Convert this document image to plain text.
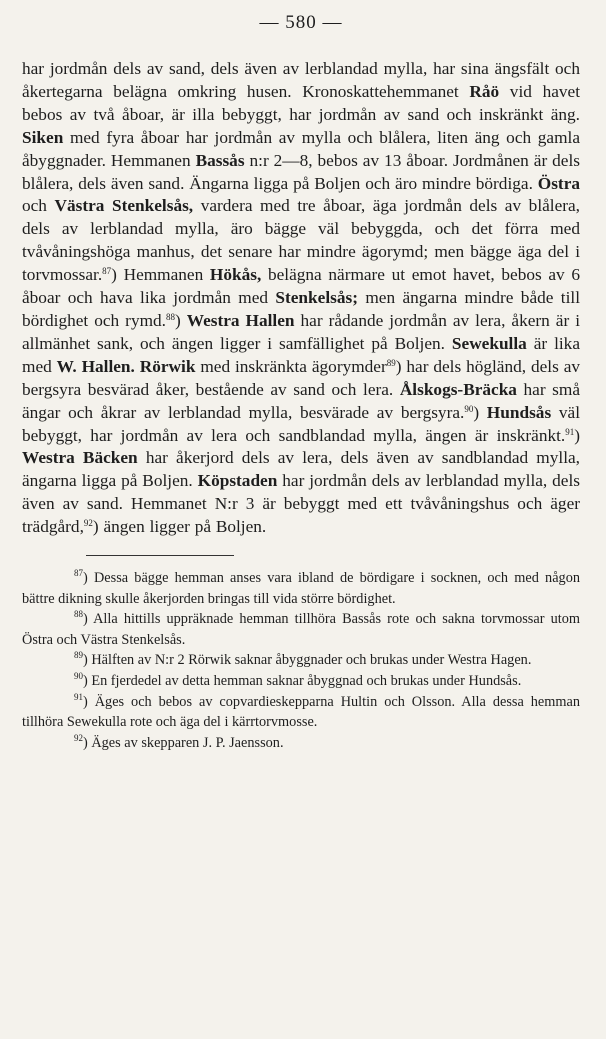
— 580 —
har jordmån dels av sand, dels även av lerblandad mylla, har sina ängsfält och åkertegarna belägna omkring husen. Kronoskattehemmanet Råö vid havet bebos av två åboar, är illa bebyggt, har jordmån av sand och inskränkt äng. Siken med fyra åboar har jordmån av mylla och blålera, liten äng och gamla åbyggnader. Hemmanen Bassås n:r 2—8, bebos av 13 åboar. Jordmånen är dels blålera, dels även sand. Ängarna ligga på Boljen och äro mindre bördiga. Östra och Västra Stenkelsås, vardera med tre åboar, äga jordmån dels av blålera, dels av lerblandad mylla, äro bägge väl bebyggda, och det förra med tvåvåningshöga manhus, det senare har mindre ägorymd; men bägge äga del i torvmossar.$^{87}$) Hemmanen Hökås, belägna närmare ut emot havet, bebos av 6 åboar och hava lika jordmån med Stenkelsås; men ängarna mindre både till bördighet och rymd.$^{88}$) Westra Hallen har rådande jordmån av lera, åkern är i allmänhet sank, och ängen ligger i samfällighet på Boljen. Sewekulla är lika med W. Hallen. Rörwik med inskränkta ägorymder$^{89}$) har dels högländ, dels av bergsyra besvärad åker, bestående av sand och lera. Ålskogs-Bräcka har små ängar och åkrar av lerblandad mylla, besvärade av bergsyra.$^{90}$) Hundsås väl bebyggt, har jordmån av lera och sandblandad mylla, ängen är inskränkt.$^{91}$) Westra Bäcken har åkerjord dels av lera, dels även av sandblandad mylla, ängarna ligga på Boljen. Köpstaden har jordmån dels av lerblandad mylla, dels även av sand. Hemmanet N:r 3 är bebyggt med ett tvåvåningshus och äger trädgård,$^{92}$) ängen ligger på Boljen.

$^{87}$) Dessa bägge hemman anses vara ibland de bördigare i socknen, och med någon bättre dikning skulle åkerjorden bringas till vida större bördighet.

$^{88}$) Alla hittills uppräknade hemman tillhöra Bassås rote och sakna torvmossar utom Östra och Västra Stenkelsås.

$^{89}$) Hälften av N:r 2 Rörwik saknar åbyggnader och brukas under Westra Hagen.

$^{90}$) En fjerdedel av detta hemman saknar åbyggnad och brukas under Hundsås.

$^{91}$) Äges och bebos av copvardieskepparna Hultin och Olsson. Alla dessa hemman tillhöra Sewekulla rote och äga del i kärrtorvmosse.

$^{92}$) Äges av skepparen J. P. Jaensson.
